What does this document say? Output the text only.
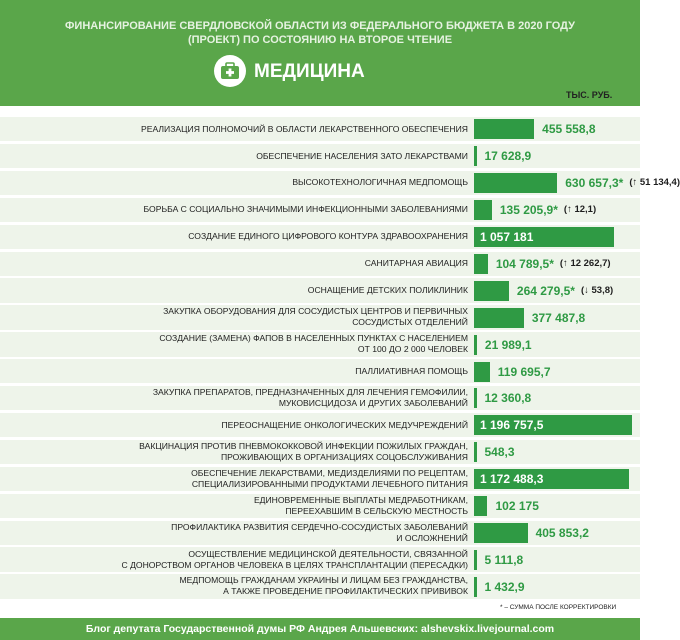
ФИНАНСИРОВАНИЕ СВЕРДЛОВСКОЙ ОБЛАСТИ ИЗ ФЕДЕРАЛЬНОГО БЮДЖЕТА В 2020 ГОДУ
(ПРОЕКТ) ПО СОСТОЯНИЮ НА ВТОРОЕ ЧТЕНИЕ
МЕДИЦИНА
ТЫС. РУБ.
РЕАЛИЗАЦИЯ ПОЛНОМОЧИЙ В ОБЛАСТИ ЛЕКАРСТВЕННОГО ОБЕСПЕЧЕНИЯ	455 558,8
ОБЕСПЕЧЕНИЕ НАСЕЛЕНИЯ ЗАТО ЛЕКАРСТВАМИ 17 628,9
ВЫСОКОТЕХНОЛОГИЧНАЯ МЕДПОМОЩЬ	630 657,3* (↑ 51 134,4)
БОРЬБА С СОЦИАЛЬНО ЗНАЧИМЫМИ ИНФЕКЦИОННЫМИ ЗАБОЛЕВАНИЯМИ	135 205,9* (↑ 12,1)
СОЗДАНИЕ ЕДИНОГО ЦИФРОВОГО КОНТУРА ЗДРАВООХРАНЕНИЯ 1 057 181
САНИТАРНАЯ АВИАЦИЯ 104 789,5* (↑ 12 262,7)
ОСНАЩЕНИЕ ДЕТСКИХ ПОЛИКЛИНИК	264 279,5* (↓ 53,8)
ЗАКУПКА ОБОРУДОВАНИЯ ДЛЯ СОСУДИСТЫХ ЦЕНТРОВ И ПЕРВИЧНЫХ
СОСУДИСТЫХ ОТДЕЛЕНИЙ	377 487,8
СОЗДАНИЕ (ЗАМЕНА) ФАПОВ В НАСЕЛЕННЫХ ПУНКТАХ С НАСЕЛЕНИЕМ
ОТ 100 ДО 2 000 ЧЕЛОВЕК 21 989,1
ПАЛЛИАТИВНАЯ ПОМОЩЬ 119 695,7
ЗАКУПКА ПРЕПАРАТОВ, ПРЕДНАЗНАЧЕННЫХ ДЛЯ ЛЕЧЕНИЯ ГЕМОФИЛИИ,
МУКОВИСЦИДОЗА И ДРУГИХ ЗАБОЛЕВАНИЙ 12 360,8
ПЕРЕОСНАЩЕНИЕ ОНКОЛОГИЧЕСКИХ МЕДУЧРЕЖДЕНИЙ 1 196 757,5
ВАКЦИНАЦИЯ ПРОТИВ ПНЕВМОКОККОВОЙ ИНФЕКЦИИ ПОЖИЛЫХ ГРАЖДАН,
ПРОЖИВАЮЩИХ В ОРГАНИЗАЦИЯХ СОЦОБСЛУЖИВАНИЯ 548,3
ОБЕСПЕЧЕНИЕ ЛЕКАРСТВАМИ, МЕДИЗДЕЛИЯМИ ПО РЕЦЕПТАМ,
СПЕЦИАЛИЗИРОВАННЫМИ ПРОДУКТАМИ ЛЕЧЕБНОГО ПИТАНИЯ 1 172 488,3
ЕДИНОВРЕМЕННЫЕ ВЫПЛАТЫ МЕДРАБОТНИКАМ,
ПЕРЕЕХАВШИМ В СЕЛЬСКУЮ МЕСТНОСТЬ 102 175
ПРОФИЛАКТИКА РАЗВИТИЯ СЕРДЕЧНО-СОСУДИСТЫХ ЗАБОЛЕВАНИЙ
И ОСЛОЖНЕНИЙ	405 853,2
ОСУЩЕСТВЛЕНИЕ МЕДИЦИНСКОЙ ДЕЯТЕЛЬНОСТИ, СВЯЗАННОЙ
С ДОНОРСТВОМ ОРГАНОВ ЧЕЛОВЕКА В ЦЕЛЯХ ТРАНСПЛАНТАЦИИ (ПЕРЕСАДКИ) 5 111,8
МЕДПОМОЩЬ ГРАЖДАНАМ УКРАИНЫ И ЛИЦАМ БЕЗ ГРАЖДАНСТВА,
А ТАКЖЕ ПРОВЕДЕНИЕ ПРОФИЛАКТИЧЕСКИХ ПРИВИВОК 1 432,9
* – СУММА ПОСЛЕ КОРРЕКТИРОВКИ
Блог депутата Государственной думы РФ Андрея Альшевских: alshevskix.livejournal.com
